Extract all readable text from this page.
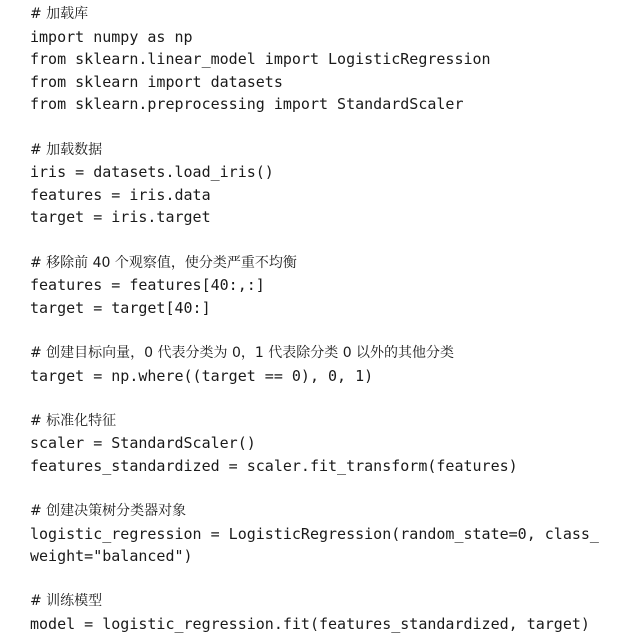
# 加载库
import numpy as np
from sklearn.linear_model import LogisticRegression
from sklearn import datasets
from sklearn.preprocessing import StandardScaler
# 加载数据
iris = datasets.load_iris()
features = iris.data
target = iris.target
# 移除前 40 个观察值，使分类严重不均衡
features = features[40:,:]
target = target[40:]
# 创建目标向量，0 代表分类为 0，1 代表除分类 0 以外的其他分类
target = np.where((target == 0), 0, 1)
# 标准化特征
scaler = StandardScaler()
features_standardized = scaler.fit_transform(features)
# 创建决策树分类器对象
logistic_regression = LogisticRegression(random_state=0, class_
weight="balanced")
# 训练模型
model = logistic_regression.fit(features_standardized, target)
